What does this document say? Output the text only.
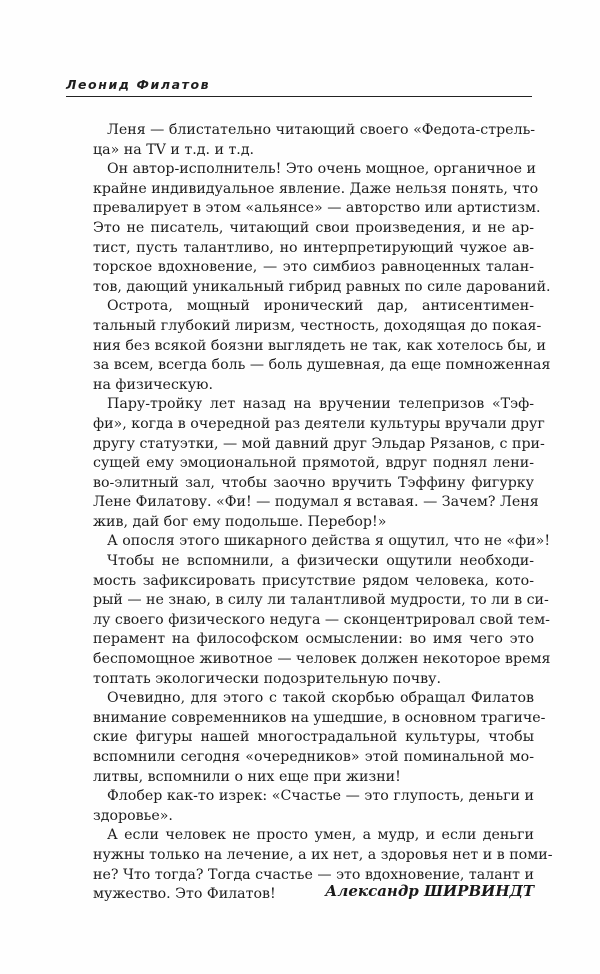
Леонид Филатов
Леня — блистательно читающий своего «Федота-стрель-
ца» на TV и т.д. и т.д.
Он автор-исполнитель! Это очень мощное, органичное и
крайне индивидуальное явление. Даже нельзя понять, что
превалирует в этом «альянсе» — авторство или артистизм.
Это не писатель, читающий свои произведения, и не ар-
тист, пусть талантливо, но интерпретирующий чужое ав-
торское вдохновение, — это симбиоз равноценных талан-
тов, дающий уникальный гибрид равных по силе дарований.
Острота, мощный иронический дар, антисентимен-
тальный глубокий лиризм, честность, доходящая до покая-
ния без всякой боязни выглядеть не так, как хотелось бы, и
за всем, всегда боль — боль душевная, да еще помноженная
на физическую.
Пару-тройку лет назад на вручении телепризов «Тэф-
фи», когда в очередной раз деятели культуры вручали друг
другу статуэтки, — мой давний друг Эльдар Рязанов, с при-
сущей ему эмоциональной прямотой, вдруг поднял лени-
во-элитный зал, чтобы заочно вручить Тэффину фигурку
Лене Филатову. «Фи! — подумал я вставая. — Зачем? Леня
жив, дай бог ему подольше. Перебор!»
А опосля этого шикарного действа я ощутил, что не «фи»!
Чтобы не вспомнили, а физически ощутили необходи-
мость зафиксировать присутствие рядом человека, кото-
рый — не знаю, в силу ли талантливой мудрости, то ли в си-
лу своего физического недуга — сконцентрировал свой тем-
перамент на философском осмыслении: во имя чего это
беспомощное животное — человек должен некоторое время
топтать экологически подозрительную почву.
Очевидно, для этого с такой скорбью обращал Филатов
внимание современников на ушедшие, в основном трагиче-
ские фигуры нашей многострадальной культуры, чтобы
вспомнили сегодня «очередников» этой поминальной мо-
литвы, вспомнили о них еще при жизни!
Флобер как-то изрек: «Счастье — это глупость, деньги и
здоровье».
А если человек не просто умен, а мудр, и если деньги
нужны только на лечение, а их нет, а здоровья нет и в поми-
не? Что тогда? Тогда счастье — это вдохновение, талант и
мужество. Это Филатов!	Александр ШИРВИНДТ
